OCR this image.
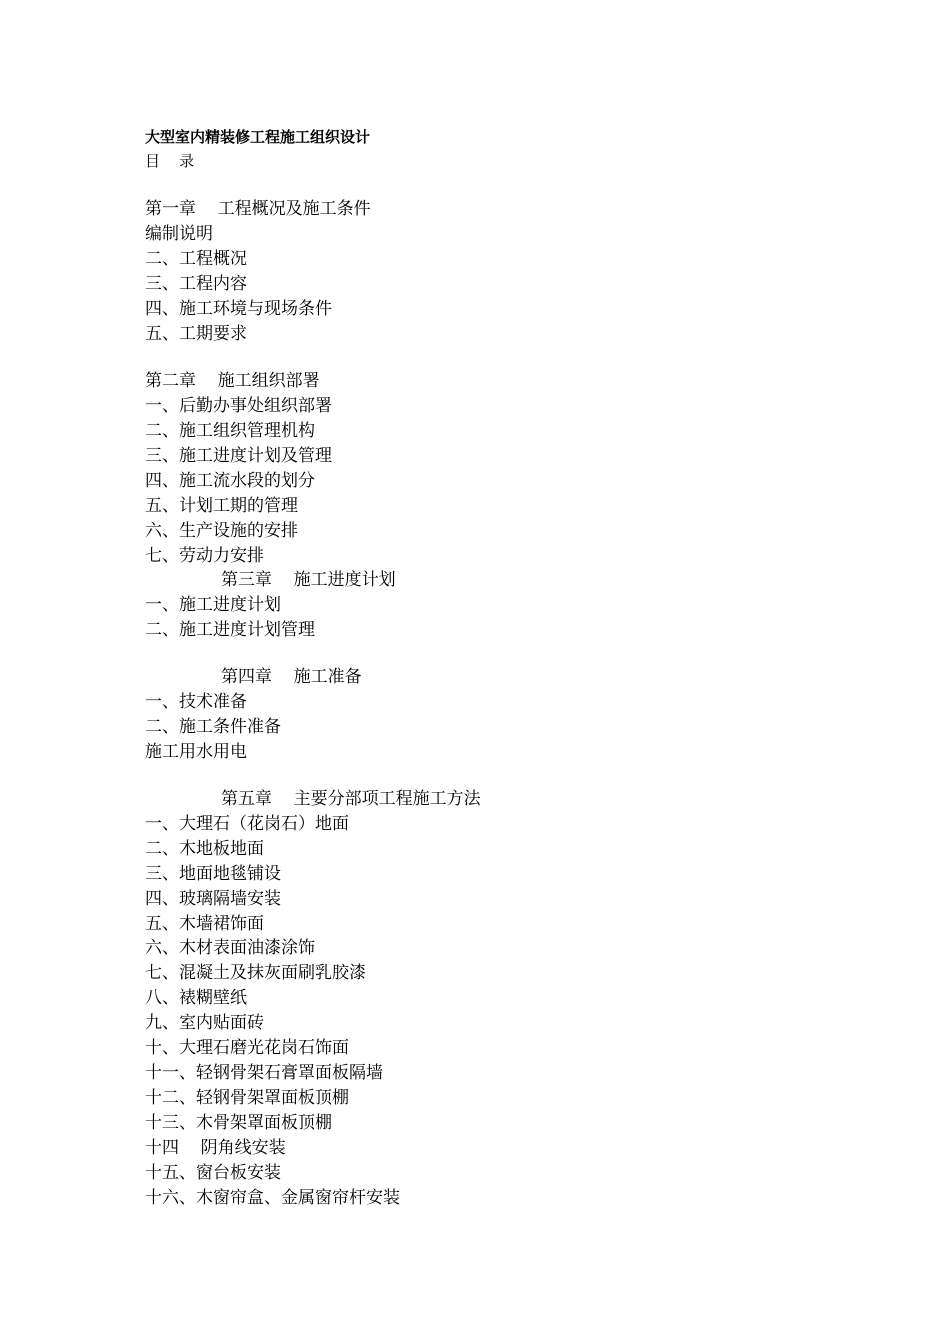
大型室内精装修工程施工组织设计
目    录
第一章    工程概况及施工条件
编制说明
二、工程概况
三、工程内容
四、施工环境与现场条件
五、工期要求
第二章    施工组织部署
一、后勤办事处组织部署
二、施工组织管理机构
三、施工进度计划及管理
四、施工流水段的划分
五、计划工期的管理
六、生产设施的安排
七、劳动力安排
第三章    施工进度计划
一、施工进度计划
二、施工进度计划管理
第四章    施工准备
一、技术准备
二、施工条件准备
施工用水用电
第五章    主要分部项工程施工方法
一、大理石（花岗石）地面
二、木地板地面
三、地面地毯铺设
四、玻璃隔墙安装
五、木墙裙饰面
六、木材表面油漆涂饰
七、混凝土及抹灰面刷乳胶漆
八、裱糊壁纸
九、室内贴面砖
十、大理石磨光花岗石饰面
十一、轻钢骨架石膏罩面板隔墙
十二、轻钢骨架罩面板顶棚
十三、木骨架罩面板顶棚
十四    阴角线安装
十五、窗台板安装
十六、木窗帘盒、金属窗帘杆安装
